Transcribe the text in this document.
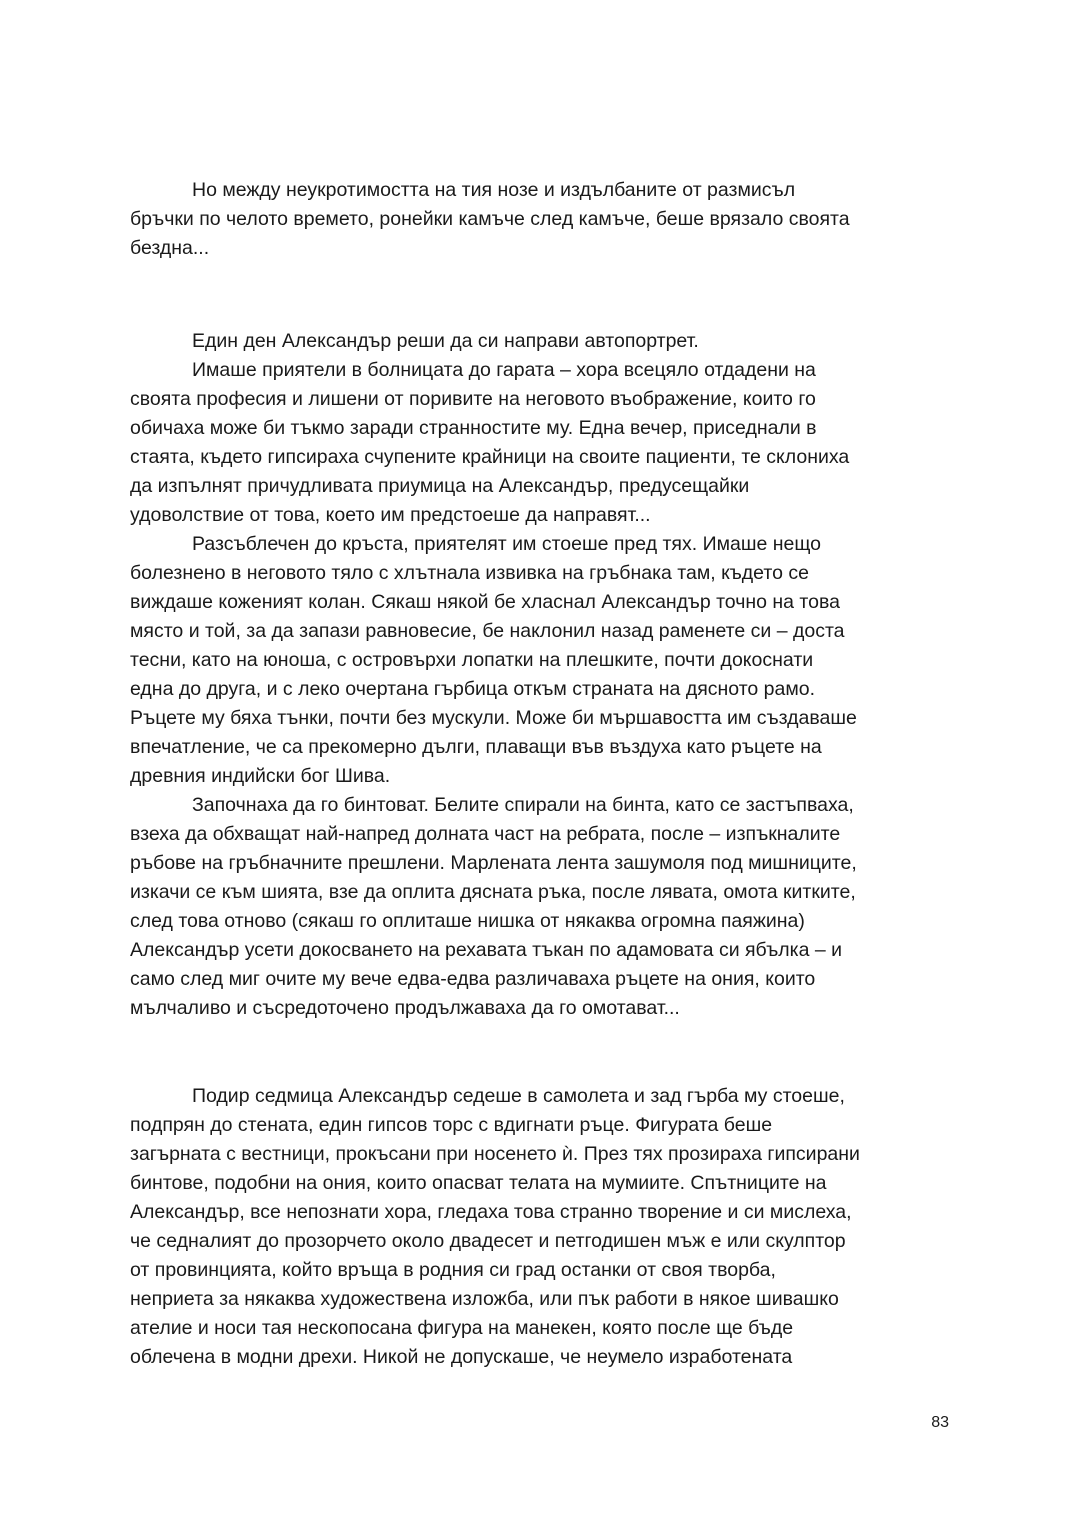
Но между неукротимостта на тия нозе и издълбаните от размисъл
бръчки по челото времето, ронейки камъче след камъче, беше врязало своята
бездна...
Един ден Александър реши да си направи автопортрет.
Имаше приятели в болницата до гарата – хора всецяло отдадени на
своята професия и лишени от поривите на неговото въображение, които го
обичаха може би тъкмо заради странностите му. Една вечер, приседнали в
стаята, където гипсираха счупените крайници на своите пациенти, те склониха
да изпълнят причудливата приумица на Александър, предусещайки
удоволствие от това, което им предстоеше да направят...
Разсъблечен до кръста, приятелят им стоеше пред тях. Имаше нещо
болезнено в неговото тяло с хлътнала извивка на гръбнака там, където се
виждаше коженият колан. Сякаш някой бе хласнал Александър точно на това
място и той, за да запази равновесие, бе наклонил назад раменете си – доста
тесни, като на юноша, с островърхи лопатки на плешките, почти докоснати
една до друга, и с леко очертана гърбица откъм страната на дясното рамо.
Ръцете му бяха тънки, почти без мускули. Може би мършавостта им създаваше
впечатление, че са прекомерно дълги, плаващи във въздуха като ръцете на
древния индийски бог Шива.
Започнаха да го бинтоват. Белите спирали на бинта, като се застъпваха,
взеха да обхващат най-напред долната част на ребрата, после – изпъкналите
ръбове на гръбначните прешлени. Марлената лента зашумоля под мишниците,
изкачи се към шията, взе да оплита дясната ръка, после лявата, омота китките,
след това отново (сякаш го оплиташе нишка от някаква огромна паяжина)
Александър усети докосването на рехавата тъкан по адамовата си ябълка – и
само след миг очите му вече едва-едва различаваха ръцете на ония, които
мълчаливо и съсредоточено продължаваха да го омотават...
Подир седмица Александър седеше в самолета и зад гърба му стоеше,
подпрян до стената, един гипсов торс с вдигнати ръце. Фигурата беше
загърната с вестници, прокъсани при носенето ѝ. През тях прозираха гипсирани
бинтове, подобни на ония, които опасват телата на мумиите. Спътниците на
Александър, все непознати хора, гледаха това странно творение и си мислеха,
че седналият до прозорчето около двадесет и петгодишен мъж е или скулптор
от провинцията, който връща в родния си град останки от своя творба,
неприета за някаква художествена изложба, или пък работи в някое шивашко
ателие и носи тая нескопосана фигура на манекен, която после ще бъде
облечена в модни дрехи. Никой не допускаше, че неумело изработената
83
